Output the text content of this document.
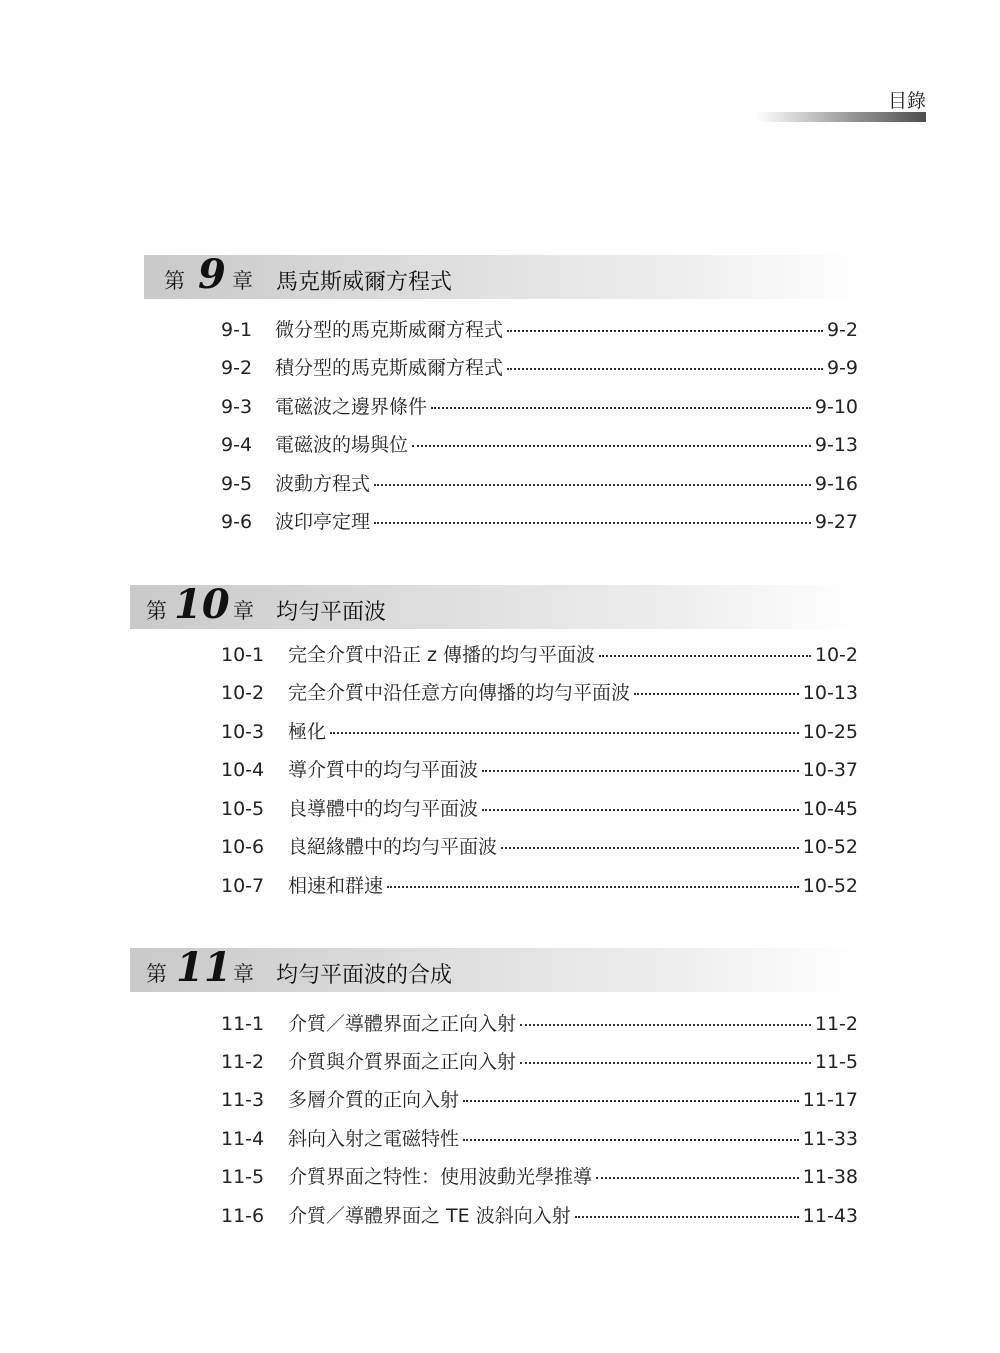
目錄
第 9 章 馬克斯威爾方程式
9-1	微分型的馬克斯威爾方程式	9-2
9-2	積分型的馬克斯威爾方程式	9-9
9-3	電磁波之邊界條件	9-10
9-4	電磁波的場與位	9-13
9-5	波動方程式	9-16
9-6	波印亭定理	9-27
第 10 章 均勻平面波
10-1	完全介質中沿正 z 傳播的均勻平面波	10-2
10-2	完全介質中沿任意方向傳播的均勻平面波	10-13
10-3	極化	10-25
10-4	導介質中的均勻平面波	10-37
10-5	良導體中的均勻平面波	10-45
10-6	良絕緣體中的均勻平面波	10-52
10-7	相速和群速	10-52
第 11 章 均勻平面波的合成
11-1	介質／導體界面之正向入射	11-2
11-2	介質與介質界面之正向入射	11-5
11-3	多層介質的正向入射	11-17
11-4	斜向入射之電磁特性	11-33
11-5	介質界面之特性：使用波動光學推導	11-38
11-6	介質／導體界面之 TE 波斜向入射	11-43
